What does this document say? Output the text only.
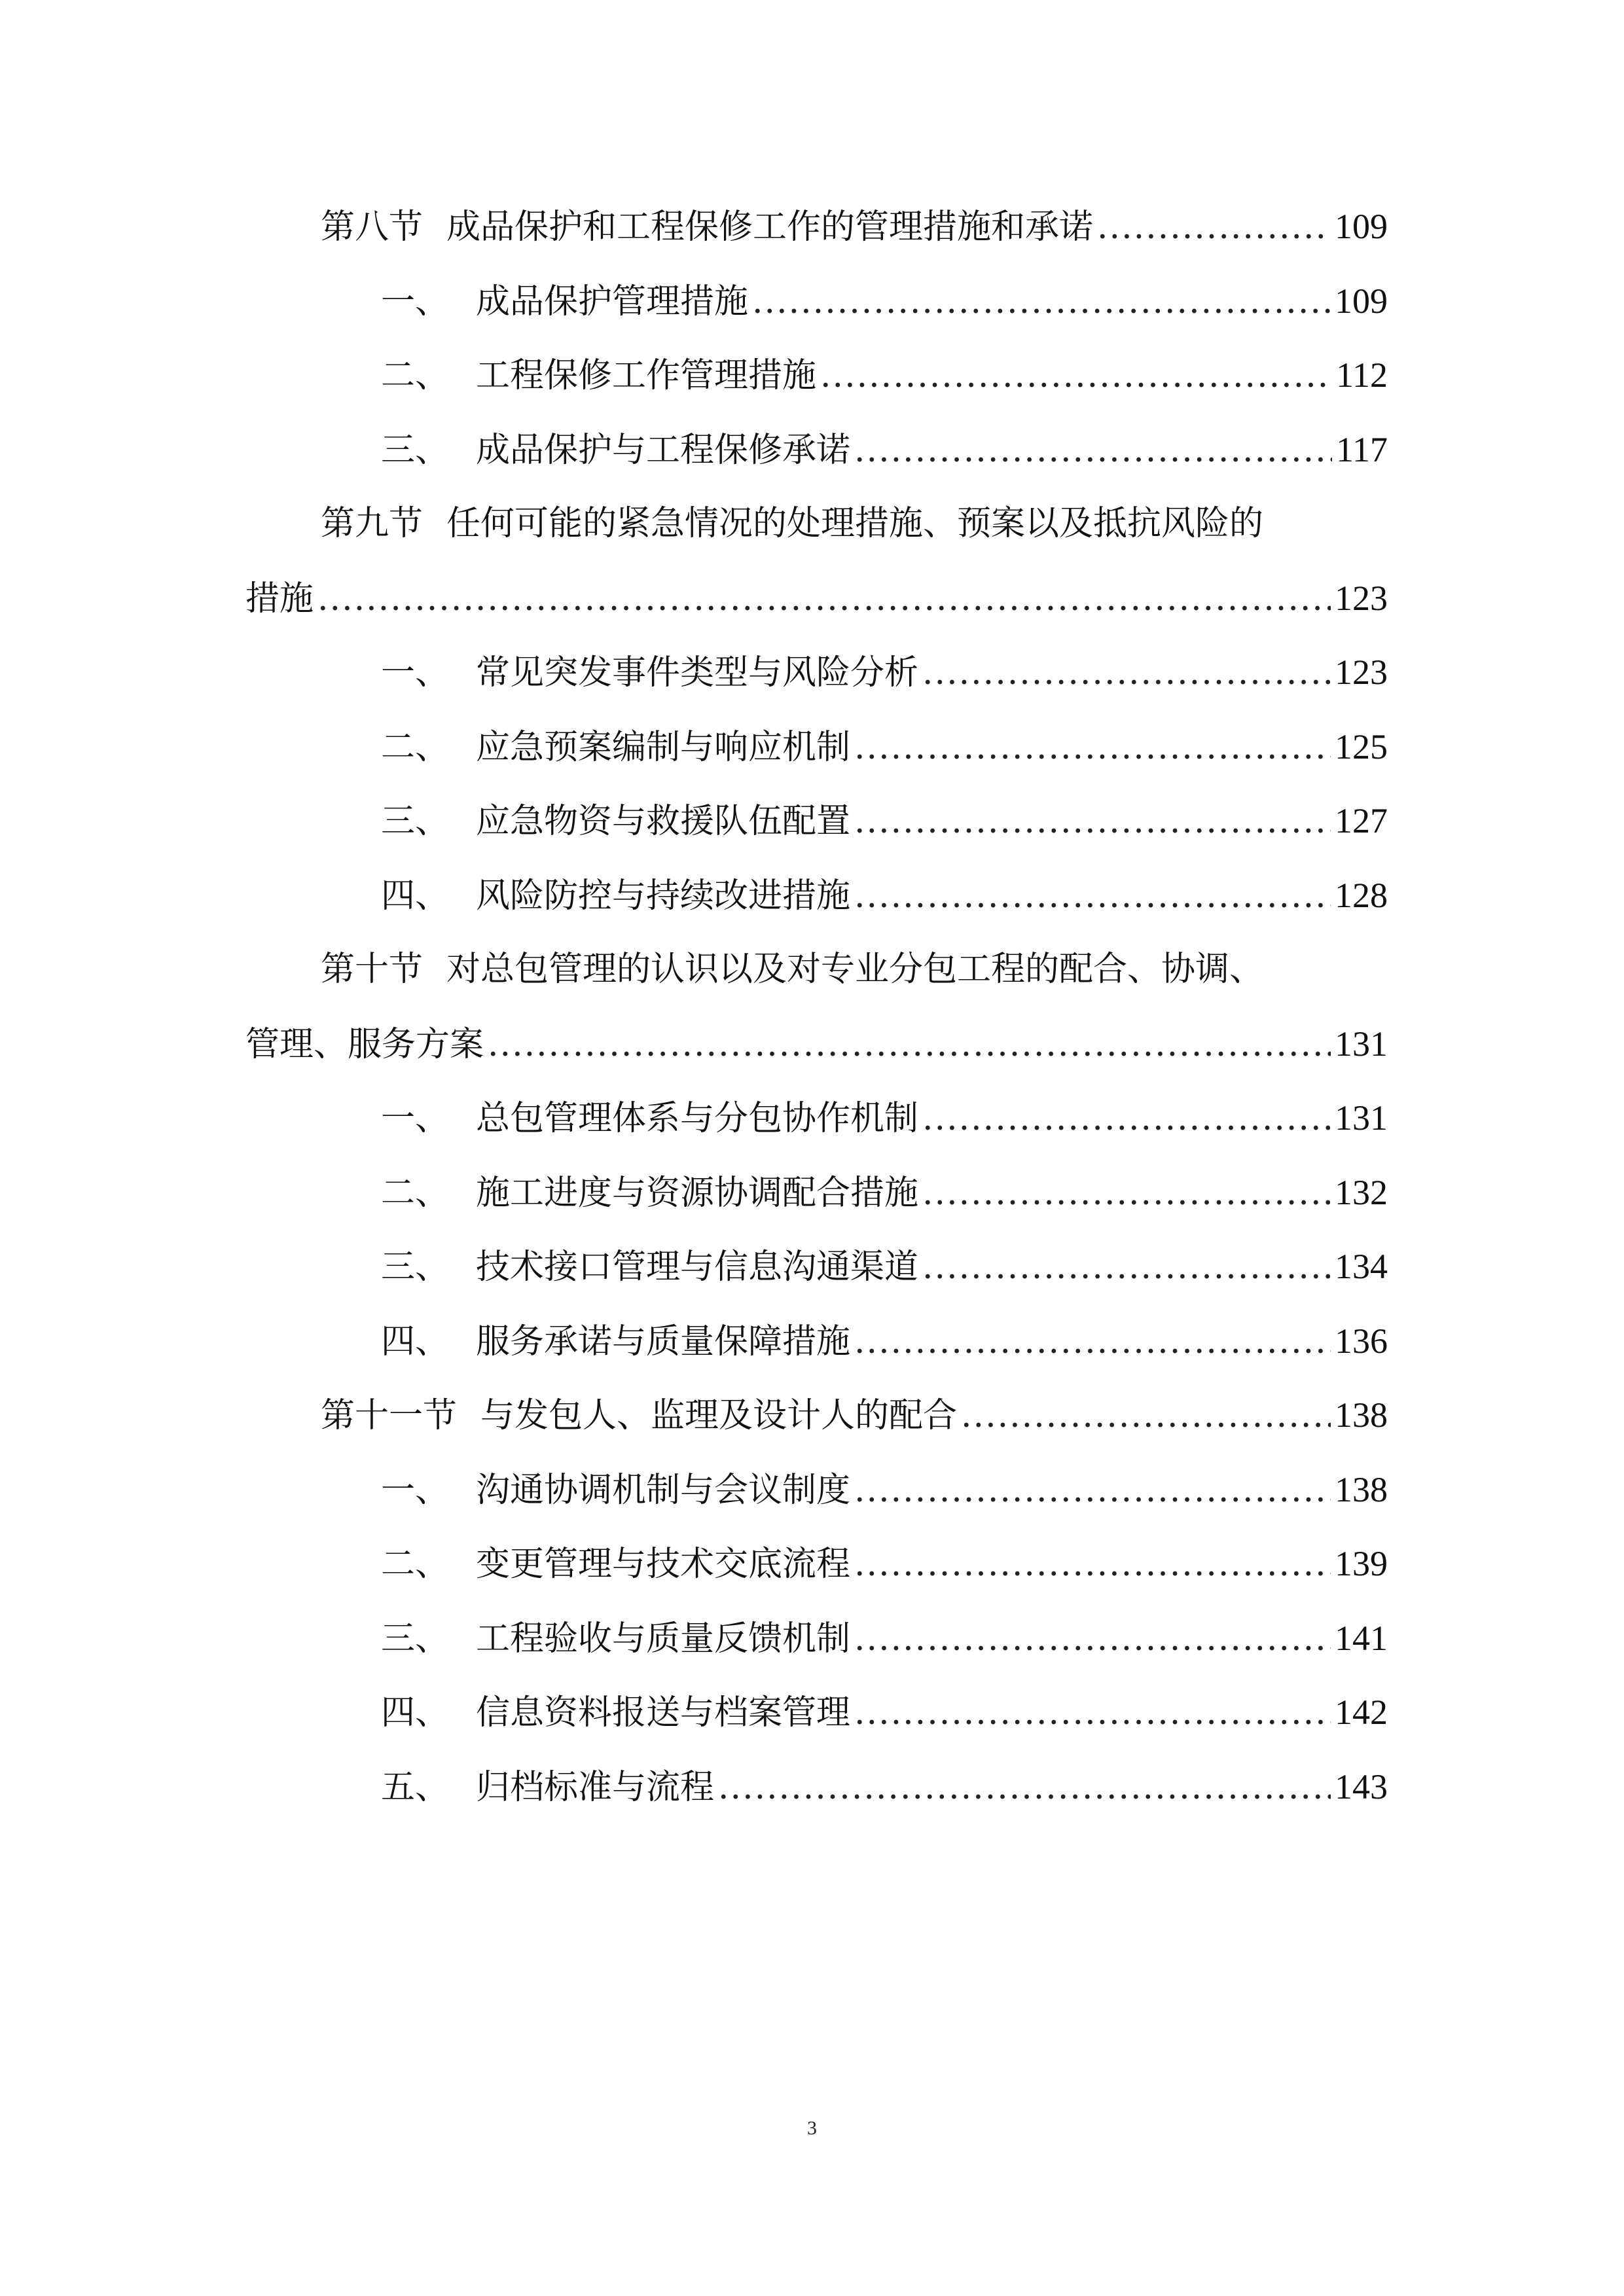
第八节 成品保护和工程保修工作的管理措施和承诺 .....	109
一、 成品保护管理措施 .....	109
二、 工程保修工作管理措施 .....	112
三、 成品保护与工程保修承诺 .....	117
第九节 任何可能的紧急情况的处理措施、预案以及抵抗风险的
措施 .....	123
一、 常见突发事件类型与风险分析 .....	123
二、 应急预案编制与响应机制 .....	125
三、 应急物资与救援队伍配置 .....	127
四、 风险防控与持续改进措施 .....	128
第十节 对总包管理的认识以及对专业分包工程的配合、协调、
管理、服务方案 .....	131
一、 总包管理体系与分包协作机制 .....	131
二、 施工进度与资源协调配合措施 .....	132
三、 技术接口管理与信息沟通渠道 .....	134
四、 服务承诺与质量保障措施 .....	136
第十一节 与发包人、监理及设计人的配合 .....	138
一、 沟通协调机制与会议制度 .....	138
二、 变更管理与技术交底流程 .....	139
三、 工程验收与质量反馈机制 .....	141
四、 信息资料报送与档案管理 .....	142
五、 归档标准与流程 .....	143
3
